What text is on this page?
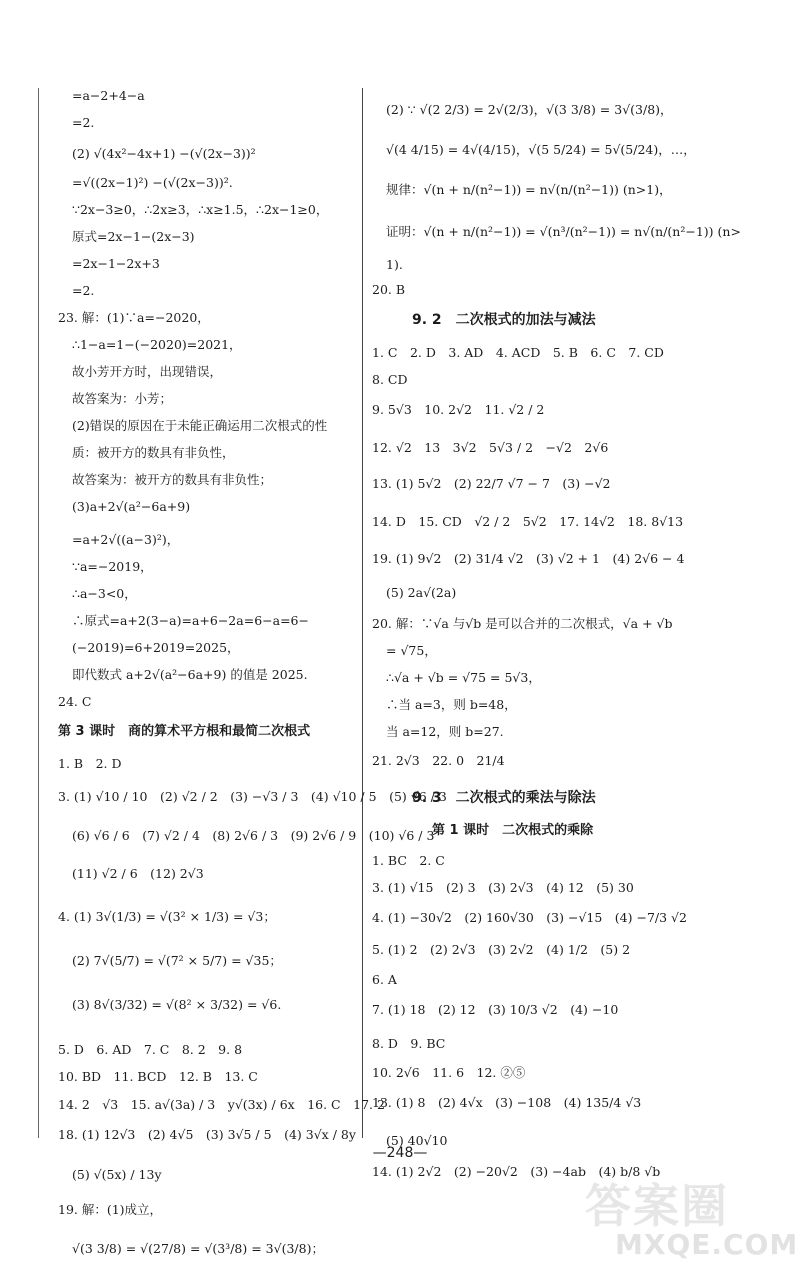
=a−2+4−a
=2.
(2) √(4x²−4x+1) −(√(2x−3))²
=√((2x−1)²) −(√(2x−3))².
∵2x−3≥0，∴2x≥3，∴x≥1.5，∴2x−1≥0，
原式=2x−1−(2x−3)
=2x−1−2x+3
=2.
23. 解：(1)∵a=−2020，
∴1−a=1−(−2020)=2021，
故小芳开方时，出现错误，
故答案为：小芳；
(2)错误的原因在于未能正确运用二次根式的性
质：被开方的数具有非负性，
故答案为：被开方的数具有非负性；
(3)a+2√(a²−6a+9)
=a+2√((a−3)²)，
∵a=−2019，
∴a−3<0，
∴原式=a+2(3−a)=a+6−2a=6−a=6−
(−2019)=6+2019=2025，
即代数式 a+2√(a²−6a+9) 的值是 2025.
24. C
第 3 课时　商的算术平方根和最简二次根式
1. B　2. D
3. (1) √10 / 10　(2) √2 / 2　(3) −√3 / 3　(4) √10 / 5　(5) √6 / 3
(6) √6 / 6　(7) √2 / 4　(8) 2√6 / 3　(9) 2√6 / 9　(10) √6 / 3
(11) √2 / 6　(12) 2√3
4. (1) 3√(1/3) = √(3² × 1/3) = √3；
(2) 7√(5/7) = √(7² × 5/7) = √35；
(3) 8√(3/32) = √(8² × 3/32) = √6.
5. D　6. AD　7. C　8. 2　9. 8
10. BD　11. BCD　12. B　13. C
14. 2　√3　15. a√(3a) / 3　y√(3x) / 6x　16. C　17. 2
18. (1) 12√3　(2) 4√5　(3) 3√5 / 5　(4) 3√x / 8y
(5) √(5x) / 13y
19. 解：(1)成立，
√(3 3/8) = √(27/8) = √(3³/8) = 3√(3/8)；
(2) ∵ √(2 2/3) = 2√(2/3)，√(3 3/8) = 3√(3/8)，
√(4 4/15) = 4√(4/15)，√(5 5/24) = 5√(5/24)，…，
规律：√(n + n/(n²−1)) = n√(n/(n²−1)) (n>1)，
证明：√(n + n/(n²−1)) = √(n³/(n²−1)) = n√(n/(n²−1)) (n>
1).
20. B
9. 2　二次根式的加法与减法
1. C　2. D　3. AD　4. ACD　5. B　6. C　7. CD
8. CD
9. 5√3　10. 2√2　11. √2 / 2
12. √2　13　3√2　5√3 / 2　−√2　2√6
13. (1) 5√2　(2) 22/7 √7 − 7　(3) −√2
14. D　15. CD　√2 / 2　5√2　17. 14√2　18. 8√13
19. (1) 9√2　(2) 31/4 √2　(3) √2 + 1　(4) 2√6 − 4
(5) 2a√(2a)
20. 解：∵√a 与√b 是可以合并的二次根式，√a + √b
= √75，
∴√a + √b = √75 = 5√3，
∴当 a=3，则 b=48，
当 a=12，则 b=27.
21. 2√3　22. 0　21/4
9. 3　二次根式的乘法与除法
第 1 课时　二次根式的乘除
1. BC　2. C
3. (1) √15　(2) 3　(3) 2√3　(4) 12　(5) 30
4. (1) −30√2　(2) 160√30　(3) −√15　(4) −7/3 √2
5. (1) 2　(2) 2√3　(3) 2√2　(4) 1/2　(5) 2
6. A
7. (1) 18　(2) 12　(3) 10/3 √2　(4) −10
8. D　9. BC
10. 2√6　11. 6　12. ②⑤
13. (1) 8　(2) 4√x　(3) −108　(4) 135/4 √3
(5) 40√10
14. (1) 2√2　(2) −20√2　(3) −4ab　(4) b/8 √b
—248—
答案圈
MXQE.COM
